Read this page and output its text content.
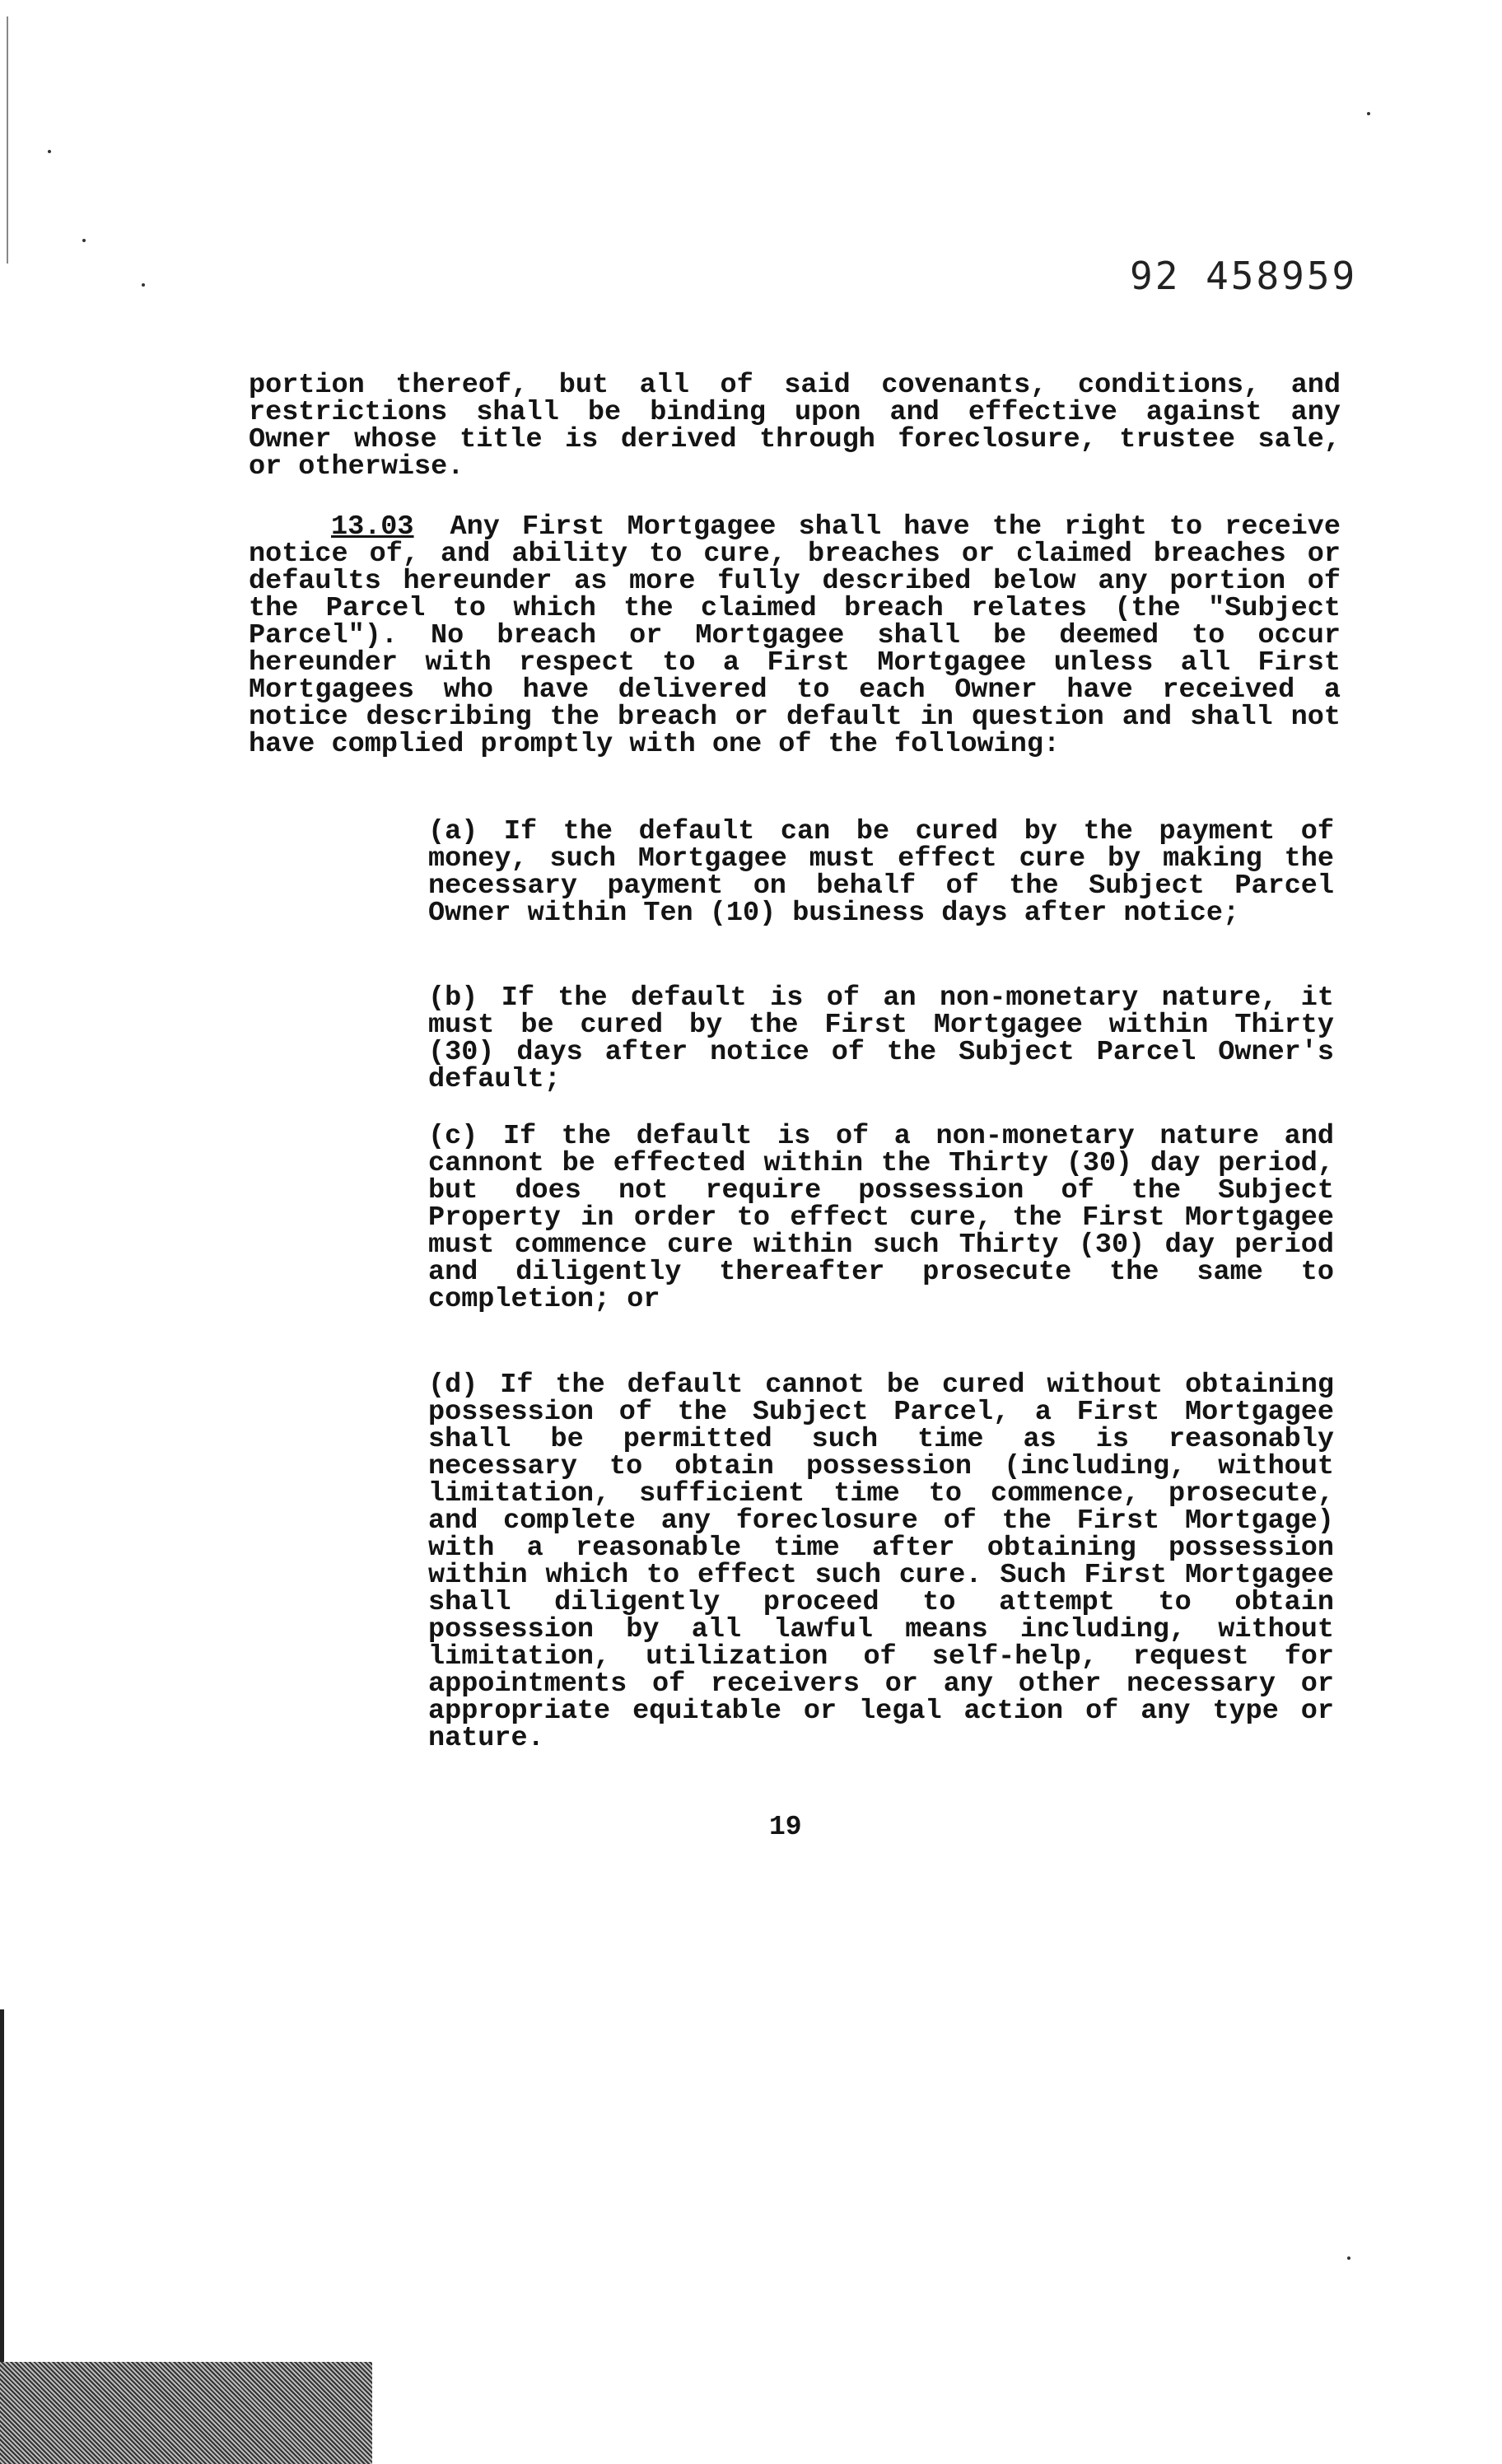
92 458959

portion thereof, but all of said covenants, conditions, and restrictions shall be binding upon and effective against any Owner whose title is derived through foreclosure, trustee sale, or otherwise.

13.03 Any First Mortgagee shall have the right to receive notice of, and ability to cure, breaches or claimed breaches or defaults hereunder as more fully described below any portion of the Parcel to which the claimed breach relates (the "Subject Parcel"). No breach or Mortgagee shall be deemed to occur hereunder with respect to a First Mortgagee unless all First Mortgagees who have delivered to each Owner have received a notice describing the breach or default in question and shall not have complied promptly with one of the following:

(a) If the default can be cured by the payment of money, such Mortgagee must effect cure by making the necessary payment on behalf of the Subject Parcel Owner within Ten (10) business days after notice;

(b) If the default is of an non-monetary nature, it must be cured by the First Mortgagee within Thirty (30) days after notice of the Subject Parcel Owner's default;

(c) If the default is of a non-monetary nature and cannont be effected within the Thirty (30) day period, but does not require possession of the Subject Property in order to effect cure, the First Mortgagee must commence cure within such Thirty (30) day period and diligently thereafter prosecute the same to completion; or

(d) If the default cannot be cured without obtaining possession of the Subject Parcel, a First Mortgagee shall be permitted such time as is reasonably necessary to obtain possession (including, without limitation, sufficient time to commence, prosecute, and complete any foreclosure of the First Mortgage) with a reasonable time after obtaining possession within which to effect such cure. Such First Mortgagee shall diligently proceed to attempt to obtain possession by all lawful means including, without limitation, utilization of self-help, request for appointments of receivers or any other necessary or appropriate equitable or legal action of any type or nature.

19
